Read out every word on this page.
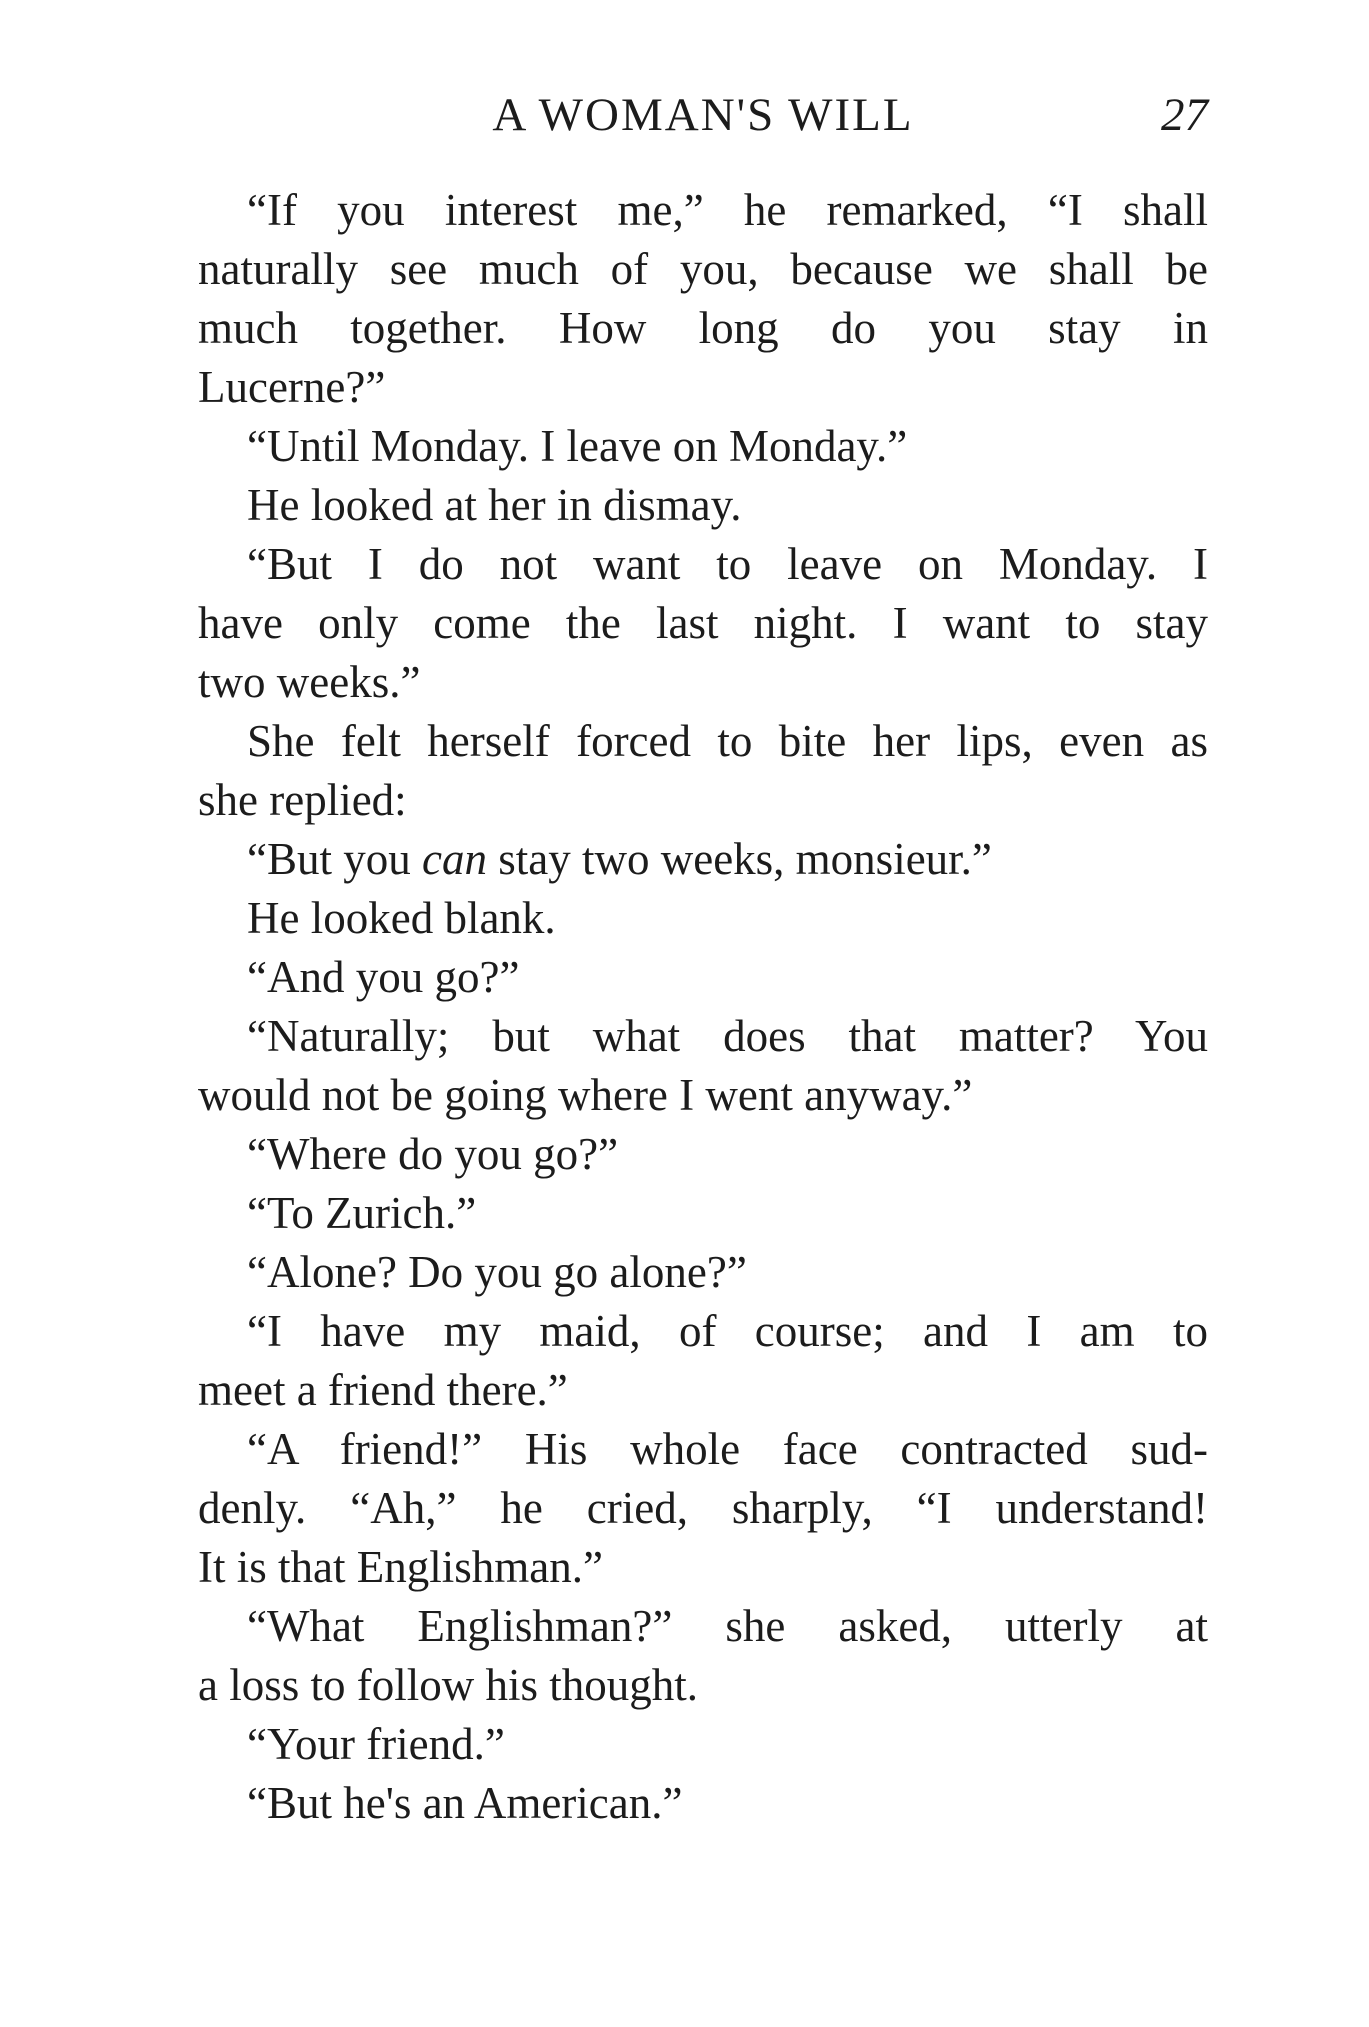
A WOMAN'S WILL	27
“If you interest me,” he remarked, “I shall
naturally see much of you, because we shall be
much together. How long do you stay in
Lucerne?”
“Until Monday. I leave on Monday.”
He looked at her in dismay.
“But I do not want to leave on Monday. I
have only come the last night. I want to stay
two weeks.”
She felt herself forced to bite her lips, even as
she replied:
“But you can stay two weeks, monsieur.”
He looked blank.
“And you go?”
“Naturally; but what does that matter? You
would not be going where I went anyway.”
“Where do you go?”
“To Zurich.”
“Alone? Do you go alone?”
“I have my maid, of course; and I am to
meet a friend there.”
“A friend!” His whole face contracted sud-
denly. “Ah,” he cried, sharply, “I understand!
It is that Englishman.”
“What Englishman?” she asked, utterly at
a loss to follow his thought.
“Your friend.”
“But he's an American.”
